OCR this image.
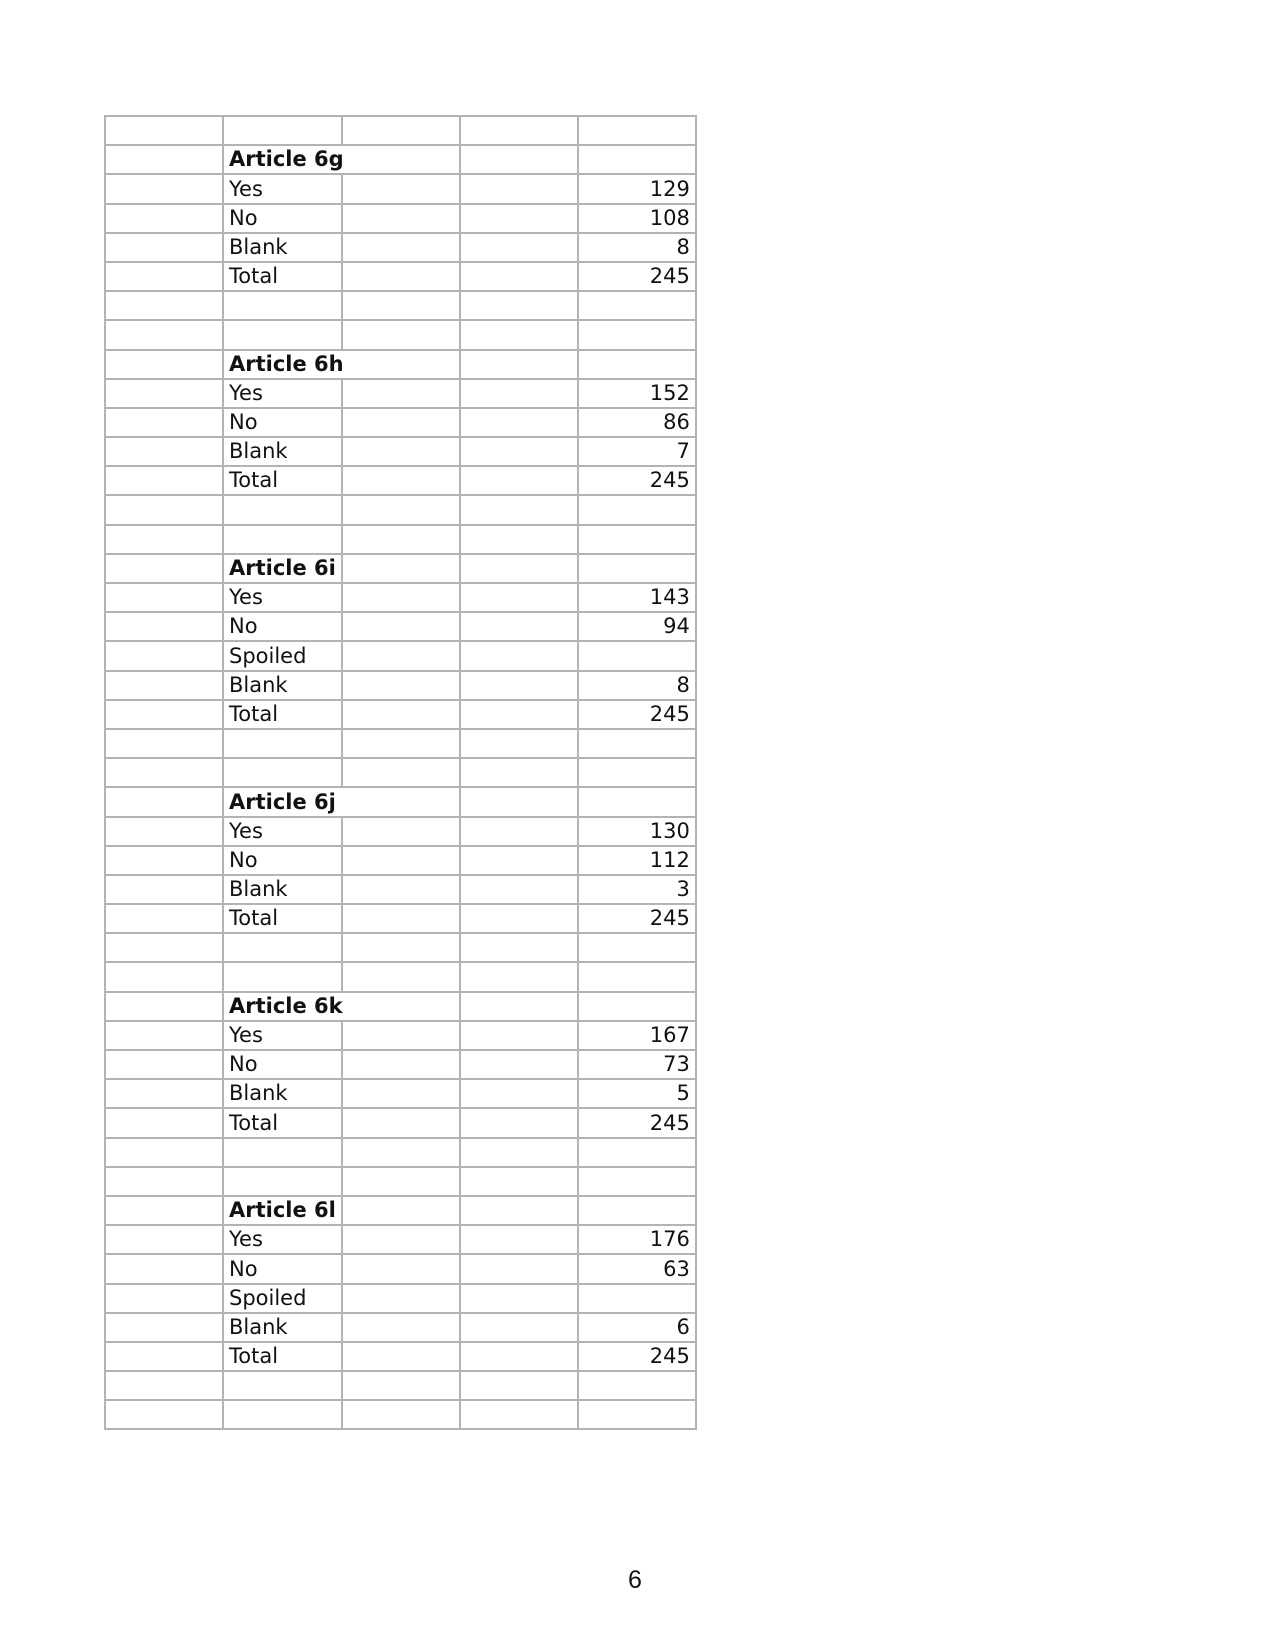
	Article 6g			
	Yes			129
	No			108
	Blank			8
	Total			245

	Article 6h			
	Yes			152
	No			86
	Blank			7
	Total			245

	Article 6i			
	Yes			143
	No			94
	Spoiled			
	Blank			8
	Total			245

	Article 6j			
	Yes			130
	No			112
	Blank			3
	Total			245

	Article 6k			
	Yes			167
	No			73
	Blank			5
	Total			245

	Article 6l			
	Yes			176
	No			63
	Spoiled			
	Blank			6
	Total			245

6
